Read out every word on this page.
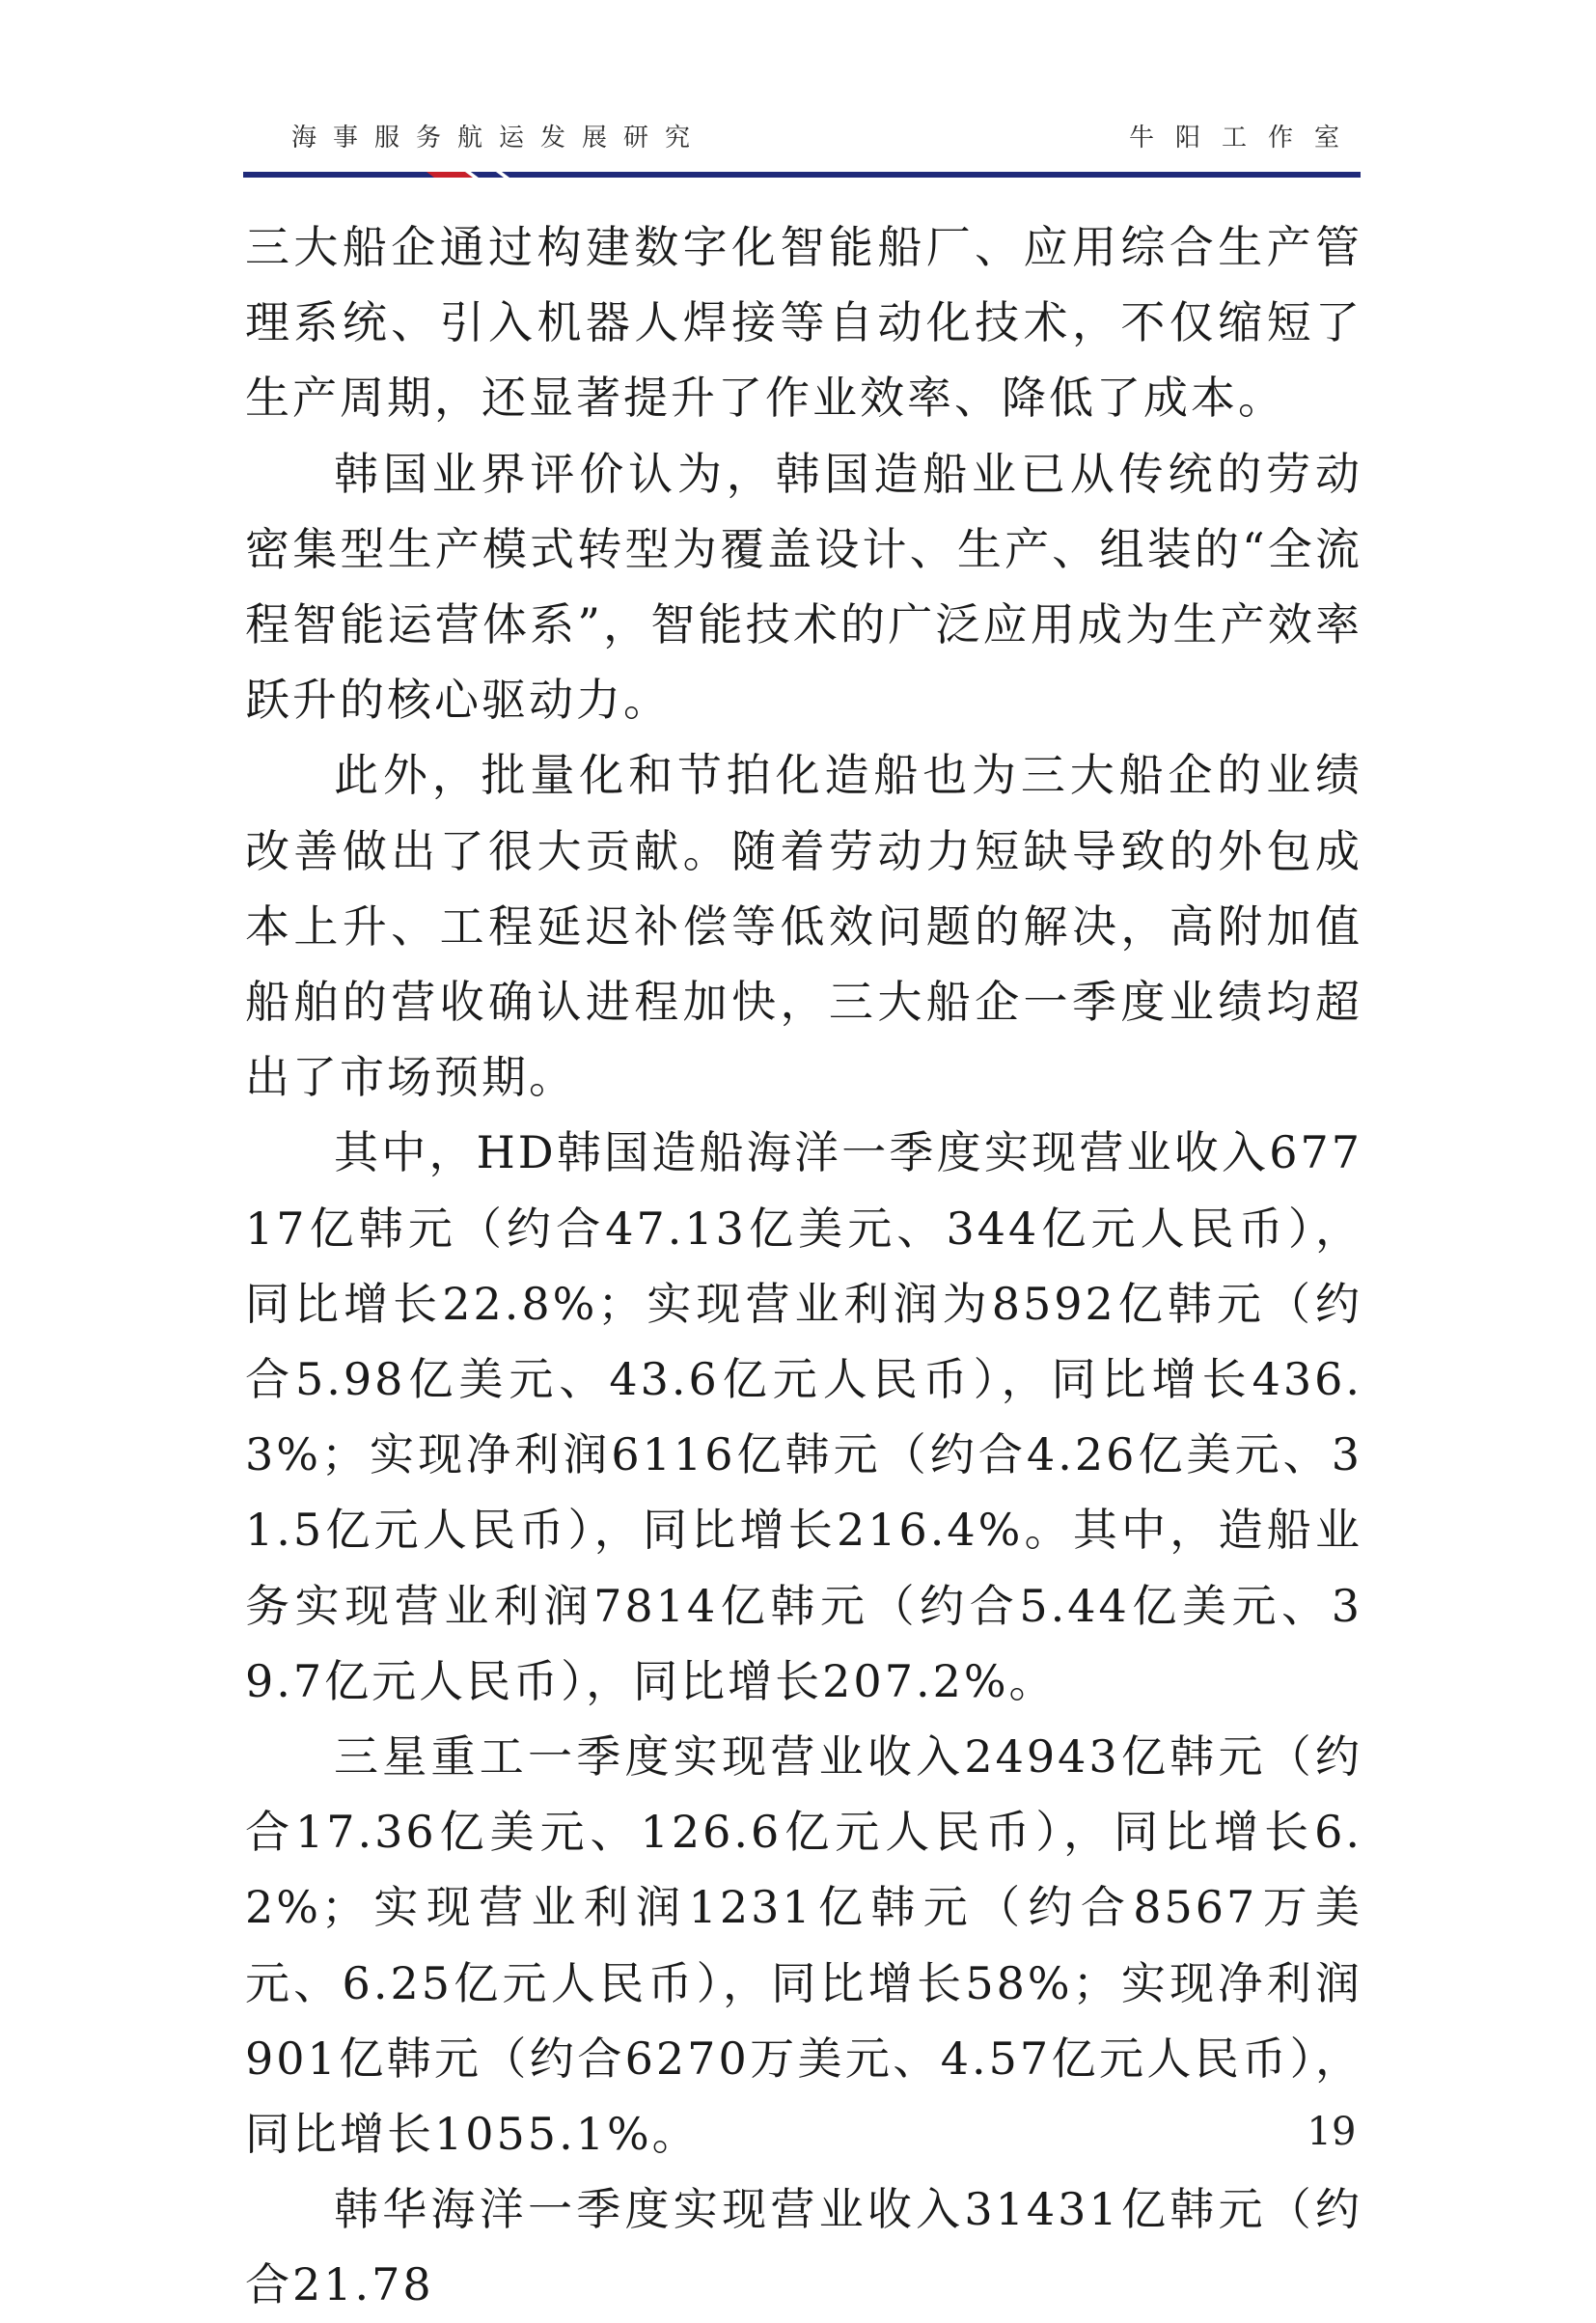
海事服务航运发展研究	牛阳工作室

三大船企通过构建数字化智能船厂、应用综合生产管理系统、引入机器人焊接等自动化技术，不仅缩短了生产周期，还显著提升了作业效率、降低了成本。

韩国业界评价认为，韩国造船业已从传统的劳动密集型生产模式转型为覆盖设计、生产、组装的“全流程智能运营体系”，智能技术的广泛应用成为生产效率跃升的核心驱动力。

此外，批量化和节拍化造船也为三大船企的业绩改善做出了很大贡献。随着劳动力短缺导致的外包成本上升、工程延迟补偿等低效问题的解决，高附加值船舶的营收确认进程加快，三大船企一季度业绩均超出了市场预期。

其中，HD韩国造船海洋一季度实现营业收入67717亿韩元（约合47.13亿美元、344亿元人民币），同比增长22.8%；实现营业利润为8592亿韩元（约合5.98亿美元、43.6亿元人民币），同比增长436.3%；实现净利润6116亿韩元（约合4.26亿美元、31.5亿元人民币），同比增长216.4%。其中，造船业务实现营业利润7814亿韩元（约合5.44亿美元、39.7亿元人民币），同比增长207.2%。

三星重工一季度实现营业收入24943亿韩元（约合17.36亿美元、126.6亿元人民币），同比增长6.2%；实现营业利润1231亿韩元（约合8567万美元、6.25亿元人民币），同比增长58%；实现净利润901亿韩元（约合6270万美元、4.57亿元人民币），同比增长1055.1%。

韩华海洋一季度实现营业收入31431亿韩元（约合21.78

19
